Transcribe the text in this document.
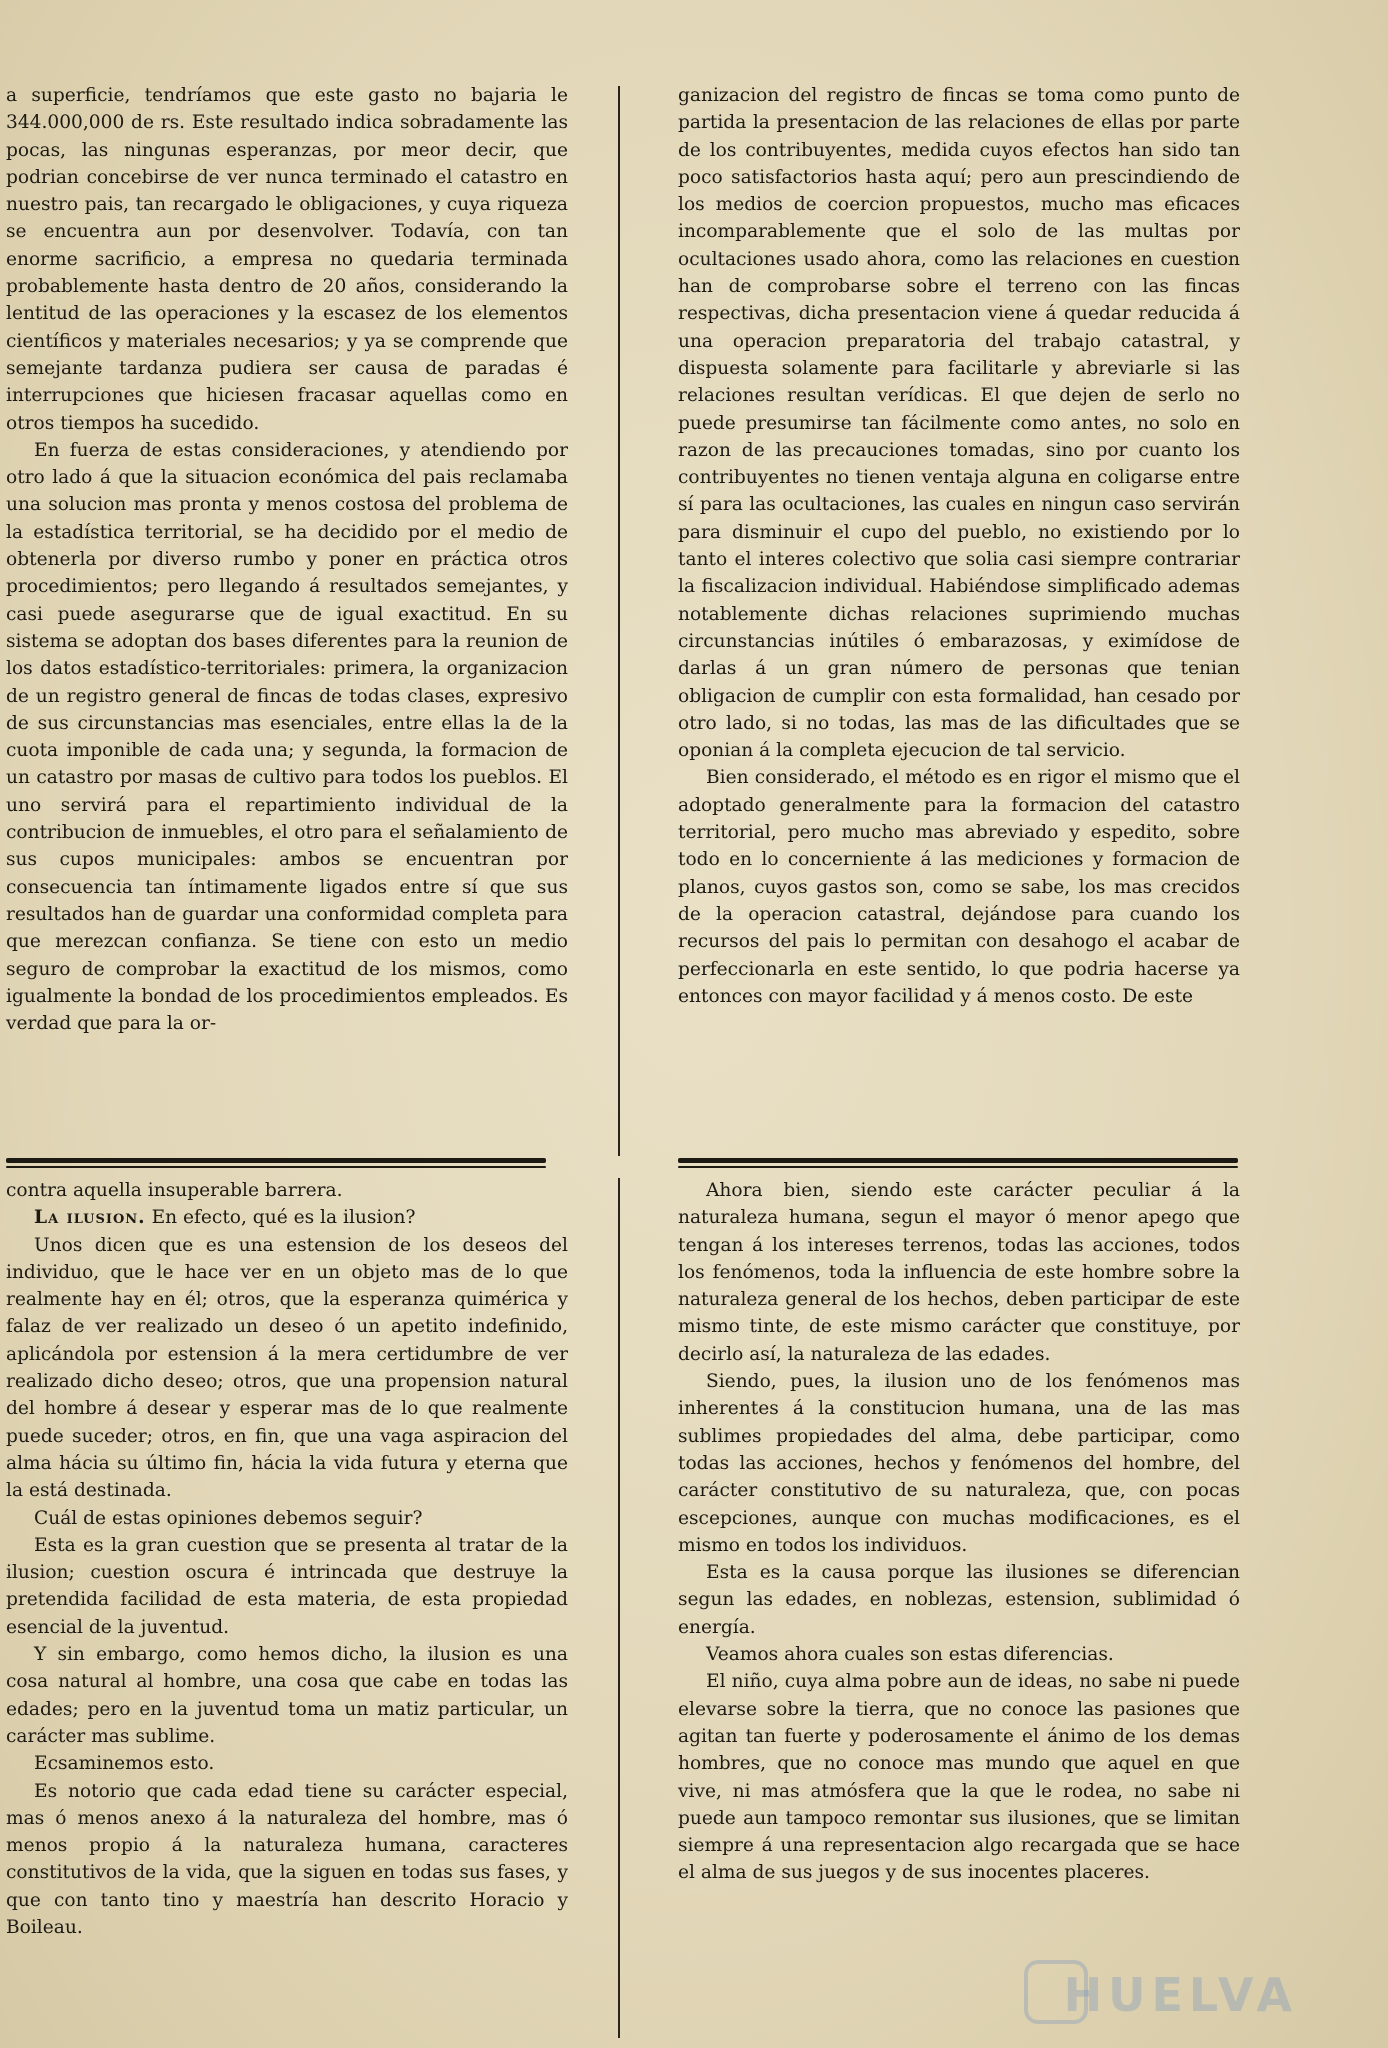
a superficie, tendríamos que este gasto no bajaria le 344.000,000 de rs. Este resultado indica sobradamente las pocas, las ningunas esperanzas, por meor decir, que podrian concebirse de ver nunca terminado el catastro en nuestro pais, tan recargado le obligaciones, y cuya riqueza se encuentra aun por desenvolver. Todavía, con tan enorme sacrificio, a empresa no quedaria terminada probablemente hasta dentro de 20 años, considerando la lentitud de las operaciones y la escasez de los elementos científicos y materiales necesarios; y ya se comprende que semejante tardanza pudiera ser causa de paradas é interrupciones que hiciesen fracasar aquellas como en otros tiempos ha sucedido.

En fuerza de estas consideraciones, y atendiendo por otro lado á que la situacion económica del pais reclamaba una solucion mas pronta y menos costosa del problema de la estadística territorial, se ha decidido por el medio de obtenerla por diverso rumbo y poner en práctica otros procedimientos; pero llegando á resultados semejantes, y casi puede asegurarse que de igual exactitud. En su sistema se adoptan dos bases diferentes para la reunion de los datos estadístico-territoriales: primera, la organizacion de un registro general de fincas de todas clases, expresivo de sus circunstancias mas esenciales, entre ellas la de la cuota imponible de cada una; y segunda, la formacion de un catastro por masas de cultivo para todos los pueblos. El uno servirá para el repartimiento individual de la contribucion de inmuebles, el otro para el señalamiento de sus cupos municipales: ambos se encuentran por consecuencia tan íntimamente ligados entre sí que sus resultados han de guardar una conformidad completa para que merezcan confianza. Se tiene con esto un medio seguro de comprobar la exactitud de los mismos, como igualmente la bondad de los procedimientos empleados. Es verdad que para la or-

ganizacion del registro de fincas se toma como punto de partida la presentacion de las relaciones de ellas por parte de los contribuyentes, medida cuyos efectos han sido tan poco satisfactorios hasta aquí; pero aun prescindiendo de los medios de coercion propuestos, mucho mas eficaces incomparablemente que el solo de las multas por ocultaciones usado ahora, como las relaciones en cuestion han de comprobarse sobre el terreno con las fincas respectivas, dicha presentacion viene á quedar reducida á una operacion preparatoria del trabajo catastral, y dispuesta solamente para facilitarle y abreviarle si las relaciones resultan verídicas. El que dejen de serlo no puede presumirse tan fácilmente como antes, no solo en razon de las precauciones tomadas, sino por cuanto los contribuyentes no tienen ventaja alguna en coligarse entre sí para las ocultaciones, las cuales en ningun caso servirán para disminuir el cupo del pueblo, no existiendo por lo tanto el interes colectivo que solia casi siempre contrariar la fiscalizacion individual. Habiéndose simplificado ademas notablemente dichas relaciones suprimiendo muchas circunstancias inútiles ó embarazosas, y eximídose de darlas á un gran número de personas que tenian obligacion de cumplir con esta formalidad, han cesado por otro lado, si no todas, las mas de las dificultades que se oponian á la completa ejecucion de tal servicio.

Bien considerado, el método es en rigor el mismo que el adoptado generalmente para la formacion del catastro territorial, pero mucho mas abreviado y espedito, sobre todo en lo concerniente á las mediciones y formacion de planos, cuyos gastos son, como se sabe, los mas crecidos de la operacion catastral, dejándose para cuando los recursos del pais lo permitan con desahogo el acabar de perfeccionarla en este sentido, lo que podria hacerse ya entonces con mayor facilidad y á menos costo. De este

contra aquella insuperable barrera.

La ilusion. En efecto, qué es la ilusion?

Unos dicen que es una estension de los deseos del individuo, que le hace ver en un objeto mas de lo que realmente hay en él; otros, que la esperanza quimérica y falaz de ver realizado un deseo ó un apetito indefinido, aplicándola por estension á la mera certidumbre de ver realizado dicho deseo; otros, que una propension natural del hombre á desear y esperar mas de lo que realmente puede suceder; otros, en fin, que una vaga aspiracion del alma hácia su último fin, hácia la vida futura y eterna que la está destinada.

Cuál de estas opiniones debemos seguir?

Esta es la gran cuestion que se presenta al tratar de la ilusion; cuestion oscura é intrincada que destruye la pretendida facilidad de esta materia, de esta propiedad esencial de la juventud.

Y sin embargo, como hemos dicho, la ilusion es una cosa natural al hombre, una cosa que cabe en todas las edades; pero en la juventud toma un matiz particular, un carácter mas sublime.

Ecsaminemos esto.

Es notorio que cada edad tiene su carácter especial, mas ó menos anexo á la naturaleza del hombre, mas ó menos propio á la naturaleza humana, caracteres constitutivos de la vida, que la siguen en todas sus fases, y que con tanto tino y maestría han descrito Horacio y Boileau.

Ahora bien, siendo este carácter peculiar á la naturaleza humana, segun el mayor ó menor apego que tengan á los intereses terrenos, todas las acciones, todos los fenómenos, toda la influencia de este hombre sobre la naturaleza general de los hechos, deben participar de este mismo tinte, de este mismo carácter que constituye, por decirlo así, la naturaleza de las edades.

Siendo, pues, la ilusion uno de los fenómenos mas inherentes á la constitucion humana, una de las mas sublimes propiedades del alma, debe participar, como todas las acciones, hechos y fenómenos del hombre, del carácter constitutivo de su naturaleza, que, con pocas escepciones, aunque con muchas modificaciones, es el mismo en todos los individuos.

Esta es la causa porque las ilusiones se diferencian segun las edades, en noblezas, estension, sublimidad ó energía.

Veamos ahora cuales son estas diferencias.

El niño, cuya alma pobre aun de ideas, no sabe ni puede elevarse sobre la tierra, que no conoce las pasiones que agitan tan fuerte y poderosamente el ánimo de los demas hombres, que no conoce mas mundo que aquel en que vive, ni mas atmósfera que la que le rodea, no sabe ni puede aun tampoco remontar sus ilusiones, que se limitan siempre á una representacion algo recargada que se hace el alma de sus juegos y de sus inocentes placeres.

HUELVA
